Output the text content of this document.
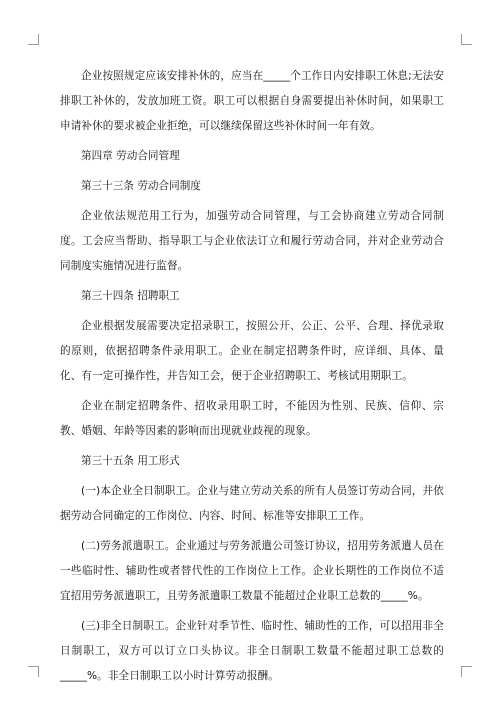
企业按照规定应该安排补休的，应当在_____个工作日内安排职工休息;无法安排职工补休的，发放加班工资。职工可以根据自身需要提出补休时间，如果职工申请补休的要求被企业拒绝，可以继续保留这些补休时间一年有效。

第四章 劳动合同管理
第三十三条 劳动合同制度

企业依法规范用工行为，加强劳动合同管理，与工会协商建立劳动合同制度。工会应当帮助、指导职工与企业依法订立和履行劳动合同，并对企业劳动合同制度实施情况进行监督。

第三十四条 招聘职工

企业根据发展需要决定招录职工，按照公开、公正、公平、合理、择优录取的原则，依据招聘条件录用职工。企业在制定招聘条件时，应详细、具体、量化、有一定可操作性，并告知工会，便于企业招聘职工、考核试用期职工。

企业在制定招聘条件、招收录用职工时，不能因为性别、民族、信仰、宗教、婚姻、年龄等因素的影响而出现就业歧视的现象。

第三十五条 用工形式

(一)本企业全日制职工。企业与建立劳动关系的所有人员签订劳动合同，并依据劳动合同确定的工作岗位、内容、时间、标准等安排职工工作。

(二)劳务派遣职工。企业通过与劳务派遣公司签订协议，招用劳务派遣人员在一些临时性、辅助性或者替代性的工作岗位上工作。企业长期性的工作岗位不适宜招用劳务派遣职工，且劳务派遣职工数量不能超过企业职工总数的_____%。

(三)非全日制职工。企业针对季节性、临时性、辅助性的工作，可以招用非全日制职工，双方可以订立口头协议。非全日制职工数量不能超过职工总数的_____%。非全日制职工以小时计算劳动报酬。
